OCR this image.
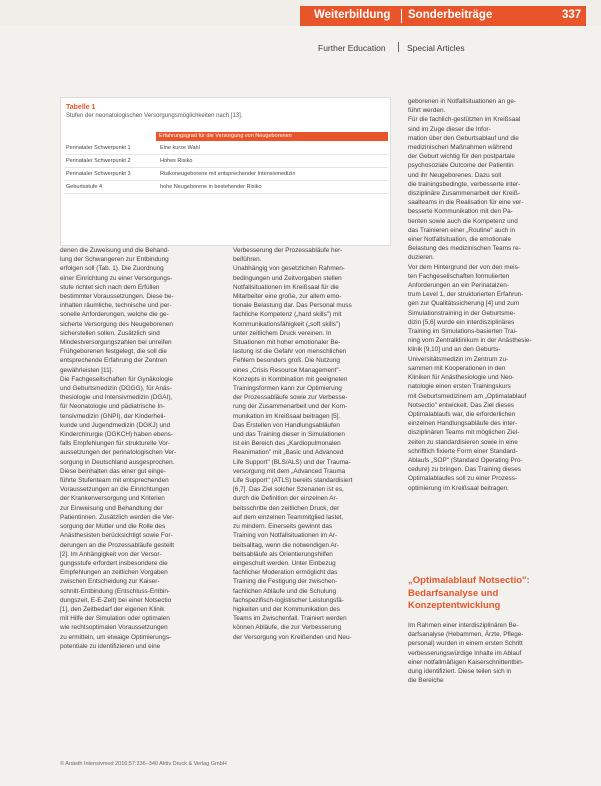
Weiterbildung Sonderbeiträge	337
Further Education	Special Articles
Tabelle 1
Stufen der neonatologischen Versorgungsmöglichkeiten nach [13].
Erfahrungsgrad für die Versorgung von Neugeborenen
Perinataler Schwerpunkt 1	Eine kurze Wahl
Perinataler Schwerpunkt 2	Hohes Risiko
Perinataler Schwerpunkt 3	Risikoneugeborene mit entsprechender Intensivmedizin
Geburtsstufe 4	hohe Neugeborene in bestehender Risiko

denen die Zuweisung und die Behand-

lung der Schwangeren zur Entbindung

erfolgen soll (Tab. 1). Die Zuordnung

einer Einrichtung zu einer Versorgungs-

stufe richtet sich nach dem Erfüllen

bestimmter Voraussetzungen. Diese be-

inhalten räumliche, technische und per-

sonelle Anforderungen, welche die ge-

sicherte Versorgung des Neugeborenen

sicherstellen sollen. Zusätzlich sind

Mindestversorgungszahlen bei unreifen

Frühgeborenen festgelegt, die soll die

entsprechende Erfahrung der Zentren

gewährleisten [11].

Die Fachgesellschaften für Gynäkologie

und Geburtsmedizin (DGGG), für Anäs-

thesiologie und Intensivmedizin (DGAI),

für Neonatologie und pädiatrische In-

tensivmedizin (GNPI), der Kinderheil-

kunde und Jugendmedizin (DGKJ) und

Kinderchirurgie (DGKCH) haben ebens-

falls Empfehlungen für strukturelle Vor-

aussetzungen der perinatologischen Ver-

sorgung in Deutschland ausgesprochen.

Diese beinhalten das einer gut einge-

führte Stufenteam mit entsprechenden

Voraussetzungen an die Einrichtungen

der Krankenversorgung und Kriterien

zur Einweisung und Behandlung der

Patientinnen. Zusätzlich werden die Ver-

sorgung der Mutter und die Rolle des

Anästhesisten berücksichtigt sowie For-

derungen an die Prozessabläufe gestellt

[2]. Im Anhängigkeit von der Versor-

gungsstufe erfordert insbesondere die

Empfehlungen an zeitlichen Vorgaben

zwischen Entscheidung zur Kaiser-

schnitt-Entbindung (Entschluss-Entbin-

dungszeit, E-E-Zeit) bei einer Notsectio

[1], den Zeitbedarf der eigenen Klinik

mit Hilfe der Simulation oder optimalen

wie rechtsoptimalen Voraussetzungen

zu ermitteln, um etwaige Optimierungs-

potentiale zu identifizieren und eine

Verbesserung der Prozessabläufe her-

beiführen.

Unabhängig von gesetzlichen Rahmen-

bedingungen und Zeitvorgaben stellen

Notfallsituationen im Kreißsaal für die

Mitarbeiter eine große, zur allem emo-

tionale Belastung dar. Das Personal muss

fachliche Kompetenz („hard skills") mit

Kommunikationsfähigkeit („soft skills")

unter zeitlichem Druck vereinen. In

Situationen mit hoher emotionaler Be-

lastung ist die Gefahr von menschlichen

Fehlern besonders groß. Die Nutzung

eines „Crisis Resource Management"-

Konzepts in Kombination mit geeigneten

Trainingsformen kann zur Optimierung

der Prozessabläufe sowie zur Verbesse-

rung der Zusammenarbeit und der Kom-

munikation im Kreißsaal beitragen [5].

Das Erstellen von Handlungsabläufen

und das Training dieser in Simulationen

ist ein Bereich des „Kardiopulmonalen

Reanimation" mit „Basic und Advanced

Life Support" (BLS/ALS) und der Trauma-

versorgung mit dem „Advanced Trauma

Life Support" (ATLS) bereits standardisiert

[6,7]. Das Ziel solcher Szenarien ist es,

durch die Definition der einzelnen Ar-

beitsschritte den zeitlichen Druck, der

auf dem einzelnen Teammitglied lastet,

zu mindern. Einerseits gewinnt das

Training von Notfallsituationen im Ar-

beitsalltag, wenn die notwendigen Ar-

beitsabläufe als Orientierungshilfen

eingeschult werden. Unter Einbezug

fachlicher Moderation ermöglicht das

Training die Festigung der zwischen-

fachlichen Abläufe und die Schulung

fachspezifisch-logistischer Leistungsfä-

higkeiten und der Kommunikation des

Teams im Zwischenfall. Trainiert werden

können Abläufe, die zur Verbesserung

der Versorgung von Kreißenden und Neu-

geborenen in Notfallsituationen an ge-

führt werden.

Für die fachlich-gestützten im Kreißsaal

sind im Zuge dieser die Infor-

mation über den Geburtsablauf und die

medizinischen Maßnahmen während

der Geburt wichtig für den postpartale

psychosoziale Outcome der Patientin

und ihr Neugeborenes. Dazu soll

die trainingsbedingte, verbesserte inter-

disziplinäre Zusammenarbeit der Kreiß-

saalteams in die Realisation für eine ver-

besserte Kommunikation mit den Pa-

tienten sowie auch die Kompetenz und

das Trainieren einer „Routine" auch in

einer Notfallsituation, die emotionale

Belastung des medizinischen Teams re-

duzieren.

Vor dem Hintergrund der von den meis-

ten Fachgesellschaften formulierten

Anforderungen an ein Perinatalzen-

trum Level 1, der strukturierten Erfahrun-

gen zur Qualitätssicherung [4] und zum

Simulationstraining in der Geburtsme-

dizin [5,6] wurde ein interdisziplinäres

Training im Simulations-basierten Trai-

ning vom Zentralklinikum in der Anästhesie-

klinik [9,10] und an den Geburts-

Universitätsmedizin im Zentrum zu-

sammen mit Kooperationen in den

Kliniken für Anästhesiologie und Neo-

natologie einen ersten Trainingskurs

mit Geburtsmedizinern am „Optimalablauf

Notsectio" entwickelt. Das Ziel dieses

Optimalablaufs war, die erforderlichen

einzelnen Handlungsabläufe des inter-

disziplinären Teams mit möglichen Ziel-

zeiten zu standardisieren sowie in eine

schriftlich fixierte Form einer Standard-

Ablaufs „SOP" (Standard Operating Pro-

cedure) zu bringen. Das Training dieses

Optimalablaufes soll zu einer Prozess-

optimierung im Kreißsaal beitragen.

„Optimalablauf Notsectio": Bedarfsanalyse und Konzeptentwicklung

Im Rahmen einer interdisziplinären Be-

darfsanalyse (Hebammen, Ärzte, Pflege-

personal) wurden in einem ersten Schritt

verbesserungswürdige Inhalte im Ablauf

einer notfallmäßigen Kaiserschnittentbin-

dung identifiziert. Diese teilen sich in

die Bereiche

© Anästh Intensivmed 2016;57:336–340 Aktiv Druck & Verlag GmbH
